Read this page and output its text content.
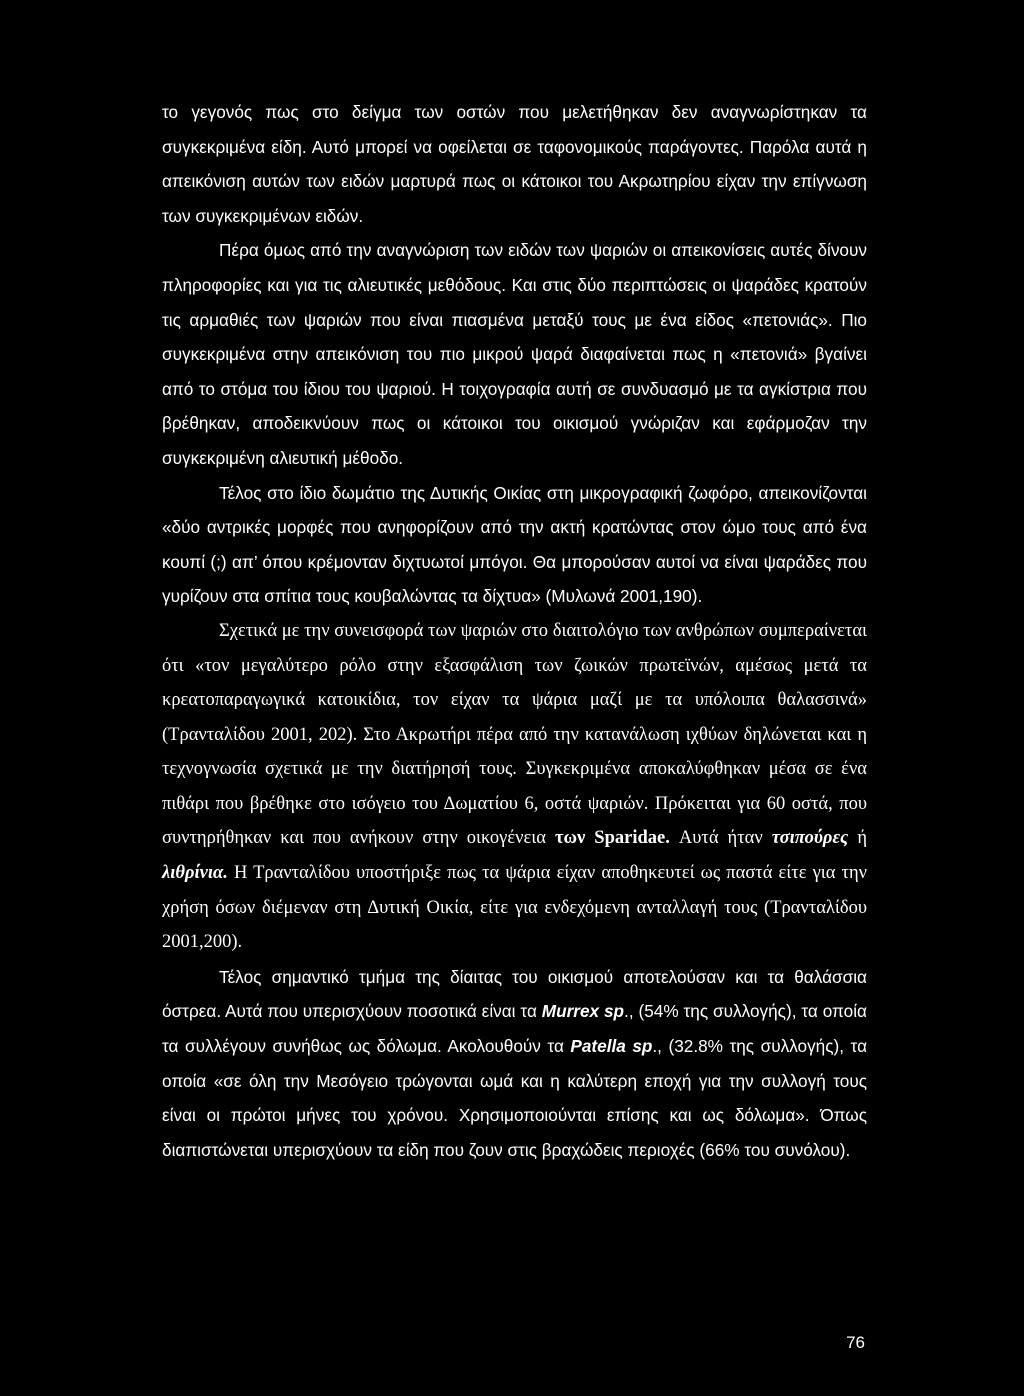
το γεγονός πως στο δείγμα των οστών που μελετήθηκαν δεν αναγνωρίστηκαν τα συγκεκριμένα είδη. Αυτό μπορεί να οφείλεται σε ταφονομικούς παράγοντες. Παρόλα αυτά η απεικόνιση αυτών των ειδών μαρτυρά πως οι κάτοικοι του Ακρωτηρίου είχαν την επίγνωση των συγκεκριμένων ειδών.

Πέρα όμως από την αναγνώριση των ειδών των ψαριών οι απεικονίσεις αυτές δίνουν πληροφορίες και για τις αλιευτικές μεθόδους. Και στις δύο περιπτώσεις οι ψαράδες κρατούν τις αρμαθιές των ψαριών που είναι πιασμένα μεταξύ τους με ένα είδος «πετονιάς». Πιο συγκεκριμένα στην απεικόνιση του πιο μικρού ψαρά διαφαίνεται πως η «πετονιά» βγαίνει από το στόμα του ίδιου του ψαριού. Η τοιχογραφία αυτή σε συνδυασμό με τα αγκίστρια που βρέθηκαν, αποδεικνύουν πως οι κάτοικοι του οικισμού γνώριζαν και εφάρμοζαν την συγκεκριμένη αλιευτική μέθοδο.

Τέλος στο ίδιο δωμάτιο της Δυτικής Οικίας στη μικρογραφική ζωφόρο, απεικονίζονται «δύο αντρικές μορφές που ανηφορίζουν από την ακτή κρατώντας στον ώμο τους από ένα κουπί (;) απ’ όπου κρέμονταν διχτυωτοί μπόγοι. Θα μπορούσαν αυτοί να είναι ψαράδες που γυρίζουν στα σπίτια τους κουβαλώντας τα δίχτυα» (Μυλωνά 2001,190).

Σχετικά με την συνεισφορά των ψαριών στο διαιτολόγιο των ανθρώπων συμπεραίνεται ότι «τον μεγαλύτερο ρόλο στην εξασφάλιση των ζωικών πρωτεϊνών, αμέσως μετά τα κρεατοπαραγωγικά κατοικίδια, τον είχαν τα ψάρια μαζί με τα υπόλοιπα θαλασσινά» (Τρανταλίδου 2001, 202). Στο Ακρωτήρι πέρα από την κατανάλωση ιχθύων δηλώνεται και η τεχνογνωσία σχετικά με την διατήρησή τους. Συγκεκριμένα αποκαλύφθηκαν μέσα σε ένα πιθάρι που βρέθηκε στο ισόγειο του Δωματίου 6, οστά ψαριών. Πρόκειται για 60 οστά, που συντηρήθηκαν και που ανήκουν στην οικογένεια των Sparidae. Αυτά ήταν τσιπούρες ή λιθρίνια. Η Τρανταλίδου υποστήριξε πως τα ψάρια είχαν αποθηκευτεί ως παστά είτε για την χρήση όσων διέμεναν στη Δυτική Οικία, είτε για ενδεχόμενη ανταλλαγή τους (Τρανταλίδου 2001,200).

Τέλος σημαντικό τμήμα της δίαιτας του οικισμού αποτελούσαν και τα θαλάσσια όστρεα. Αυτά που υπερισχύουν ποσοτικά είναι τα Murrex sp., (54% της συλλογής), τα οποία τα συλλέγουν συνήθως ως δόλωμα. Ακολουθούν τα Patella sp., (32.8% της συλλογής), τα οποία «σε όλη την Μεσόγειο τρώγονται ωμά και η καλύτερη εποχή για την συλλογή τους είναι οι πρώτοι μήνες του χρόνου. Χρησιμοποιούνται επίσης και ως δόλωμα». Όπως διαπιστώνεται υπερισχύουν τα είδη που ζουν στις βραχώδεις περιοχές (66% του συνόλου).

76
